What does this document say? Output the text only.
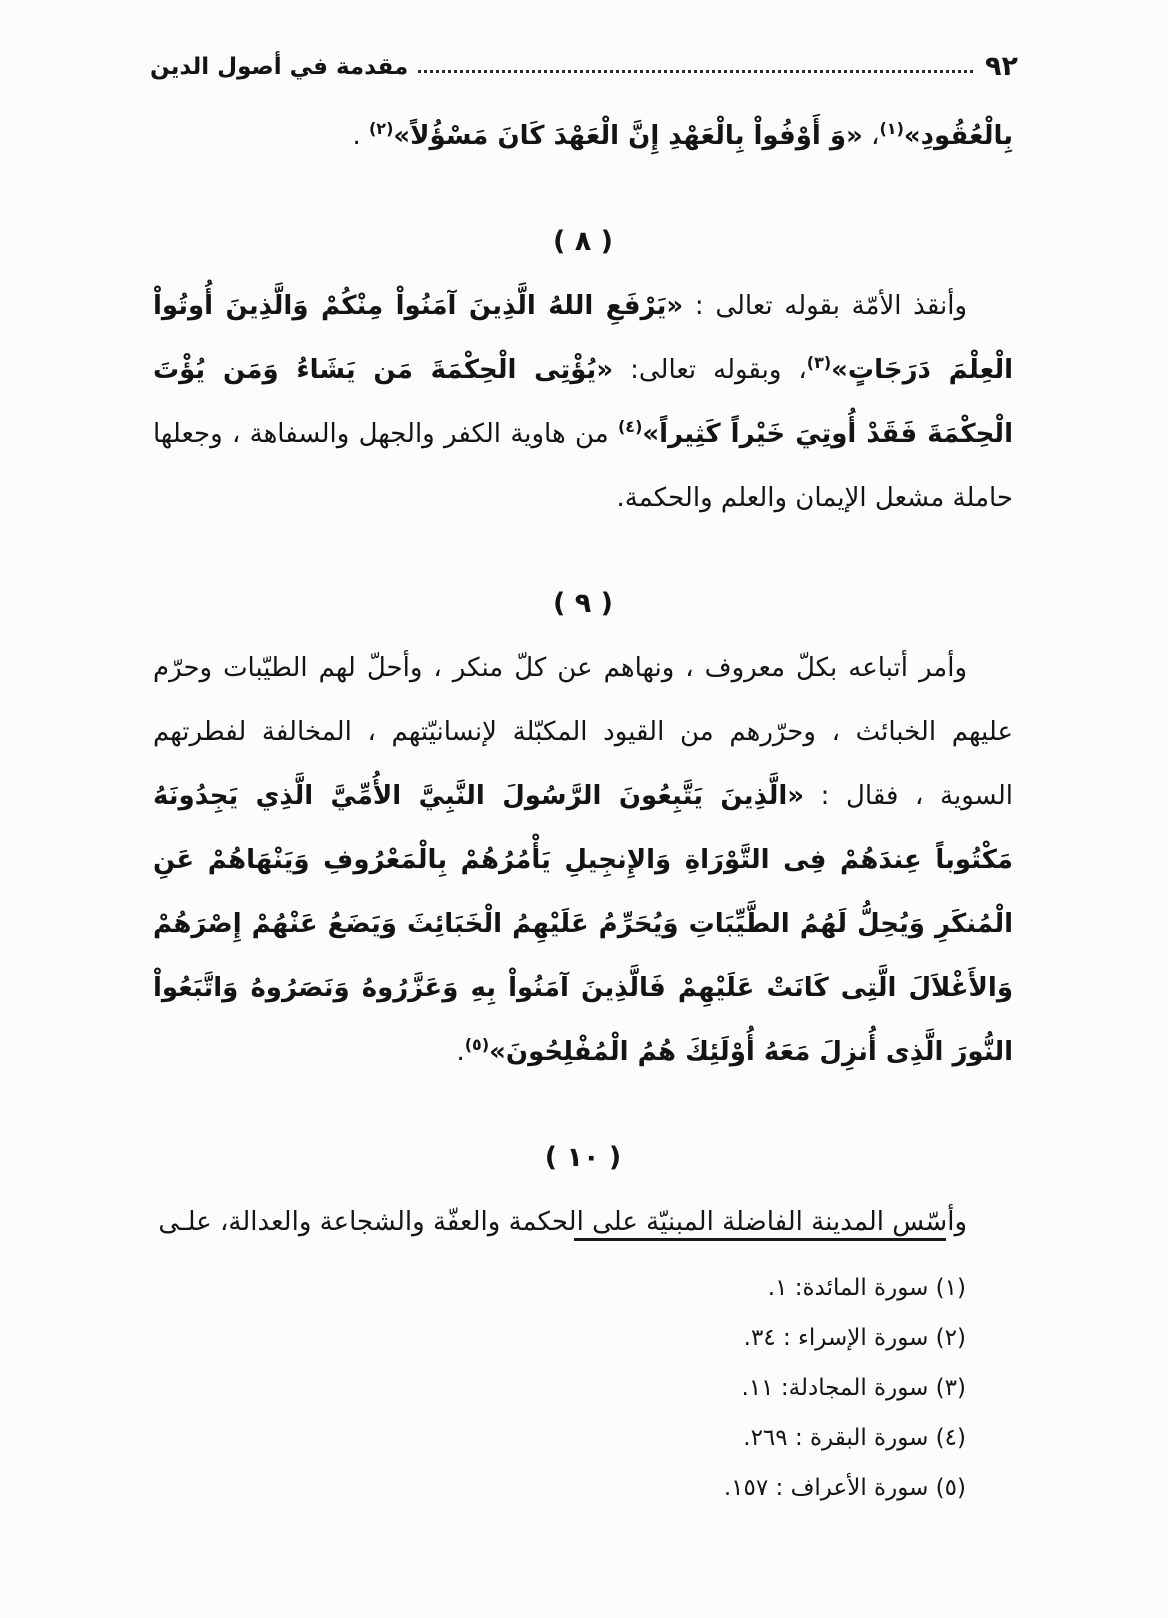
٩٢
مقدمة في أصول الدين

بِالْعُقُودِ»$^{(١)}$، «وَ أَوْفُواْ بِالْعَهْدِ إِنَّ الْعَهْدَ كَانَ مَسْؤُلاً»$^{(٢)}$ .

( ٨ )

وأنقذ الأمّة بقوله تعالى : «يَرْفَعِ اللهُ الَّذِينَ آمَنُواْ مِنْكُمْ وَالَّذِينَ أُوتُواْ الْعِلْمَ دَرَجَاتٍ»$^{(٣)}$، وبقوله تعالى: «يُؤْتِى الْحِكْمَةَ مَن يَشَاءُ وَمَن يُؤْتَ الْحِكْمَةَ فَقَدْ أُوتِيَ خَيْراً كَثِيراً»$^{(٤)}$ من هاوية الكفر والجهل والسفاهة ، وجعلها حاملة مشعل الإيمان والعلم والحكمة.

( ٩ )

وأمر أتباعه بكلّ معروف ، ونهاهم عن كلّ منكر ، وأحلّ لهم الطيّبات وحرّم عليهم الخبائث ، وحرّرهم من القيود المكبّلة لإنسانيّتهم ، المخالفة لفطرتهم السوية ، فقال : «الَّذِينَ يَتَّبِعُونَ الرَّسُولَ النَّبِيَّ الأُمِّيَّ الَّذِي يَجِدُونَهُ مَكْتُوباً عِندَهُمْ فِى التَّوْرَاةِ وَالإِنجِيلِ يَأْمُرُهُمْ بِالْمَعْرُوفِ وَيَنْهَاهُمْ عَنِ الْمُنكَرِ وَيُحِلُّ لَهُمُ الطَّيِّبَاتِ وَيُحَرِّمُ عَلَيْهِمُ الْخَبَائِثَ وَيَضَعُ عَنْهُمْ إِصْرَهُمْ وَالأَغْلاَلَ الَّتِى كَانَتْ عَلَيْهِمْ فَالَّذِينَ آمَنُواْ بِهِ وَعَزَّرُوهُ وَنَصَرُوهُ وَاتَّبَعُواْ النُّورَ الَّذِى أُنزِلَ مَعَهُ أُوْلَئِكَ هُمُ الْمُفْلِحُونَ»$^{(٥)}$.

( ١٠ )

وأسّس المدينة الفاضلة المبنيّة على الحكمة والعفّة والشجاعة والعدالة، علـى

(١) سورة المائدة: ١.
(٢) سورة الإسراء : ٣٤.
(٣) سورة المجادلة: ١١.
(٤) سورة البقرة : ٢٦٩.
(٥) سورة الأعراف : ١٥٧.
